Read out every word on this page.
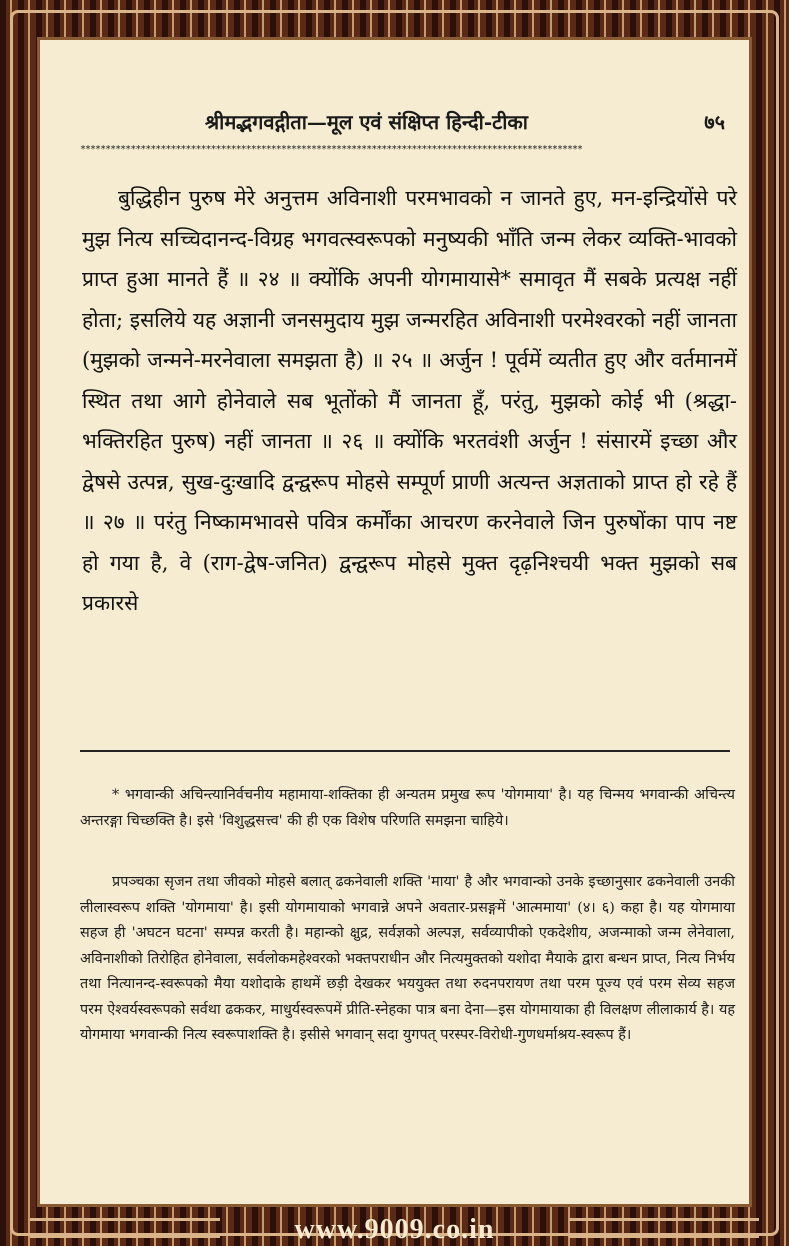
श्रीमद्भगवद्गीता—मूल एवं संक्षिप्त हिन्दी-टीका	७५
****************************************************************************************************
बुद्धिहीन पुरुष मेरे अनुत्तम अविनाशी परमभावको न जानते हुए, मन-इन्द्रियोंसे परे मुझ नित्य सच्चिदानन्द-विग्रह भगवत्स्वरूपको मनुष्यकी भाँति जन्म लेकर व्यक्ति-भावको प्राप्त हुआ मानते हैं ॥ २४ ॥ क्योंकि अपनी योगमायासे* समावृत मैं सबके प्रत्यक्ष नहीं होता; इसलिये यह अज्ञानी जनसमुदाय मुझ जन्मरहित अविनाशी परमेश्वरको नहीं जानता (मुझको जन्मने-मरनेवाला समझता है) ॥ २५ ॥ अर्जुन ! पूर्वमें व्यतीत हुए और वर्तमानमें स्थित तथा आगे होनेवाले सब भूतोंको मैं जानता हूँ, परंतु, मुझको कोई भी (श्रद्धा-भक्तिरहित पुरुष) नहीं जानता ॥ २६ ॥ क्योंकि भरतवंशी अर्जुन ! संसारमें इच्छा और द्वेषसे उत्पन्न, सुख-दुःखादि द्वन्द्वरूप मोहसे सम्पूर्ण प्राणी अत्यन्त अज्ञताको प्राप्त हो रहे हैं ॥ २७ ॥ परंतु निष्कामभावसे पवित्र कर्मोंका आचरण करनेवाले जिन पुरुषोंका पाप नष्ट हो गया है, वे (राग-द्वेष-जनित) द्वन्द्वरूप मोहसे मुक्त दृढ़निश्चयी भक्त मुझको सब प्रकारसे
* भगवान्की अचिन्त्यानिर्वचनीय महामाया-शक्तिका ही अन्यतम प्रमुख रूप 'योगमाया' है। यह चिन्मय भगवान्की अचिन्त्य अन्तरङ्गा चिच्छक्ति है। इसे 'विशुद्धसत्त्व' की ही एक विशेष परिणति समझना चाहिये।
प्रपञ्चका सृजन तथा जीवको मोहसे बलात् ढकनेवाली शक्ति 'माया' है और भगवान्को उनके इच्छानुसार ढकनेवाली उनकी लीलास्वरूप शक्ति 'योगमाया' है। इसी योगमायाको भगवान्ने अपने अवतार-प्रसङ्गमें 'आत्ममाया' (४। ६) कहा है। यह योगमाया सहज ही 'अघटन घटना' सम्पन्न करती है। महान्को क्षुद्र, सर्वज्ञको अल्पज्ञ, सर्वव्यापीको एकदेशीय, अजन्माको जन्म लेनेवाला, अविनाशीको तिरोहित होनेवाला, सर्वलोकमहेश्वरको भक्तपराधीन और नित्यमुक्तको यशोदा मैयाके द्वारा बन्धन प्राप्त, नित्य निर्भय तथा नित्यानन्द-स्वरूपको मैया यशोदाके हाथमें छड़ी देखकर भययुक्त तथा रुदनपरायण तथा परम पूज्य एवं परम सेव्य सहज परम ऐश्वर्यस्वरूपको सर्वथा ढककर, माधुर्यस्वरूपमें प्रीति-स्नेहका पात्र बना देना—इस योगमायाका ही विलक्षण लीलाकार्य है। यह योगमाया भगवान्की नित्य स्वरूपाशक्ति है। इसीसे भगवान् सदा युगपत् परस्पर-विरोधी-गुणधर्माश्रय-स्वरूप हैं।
www.9009.co.in
